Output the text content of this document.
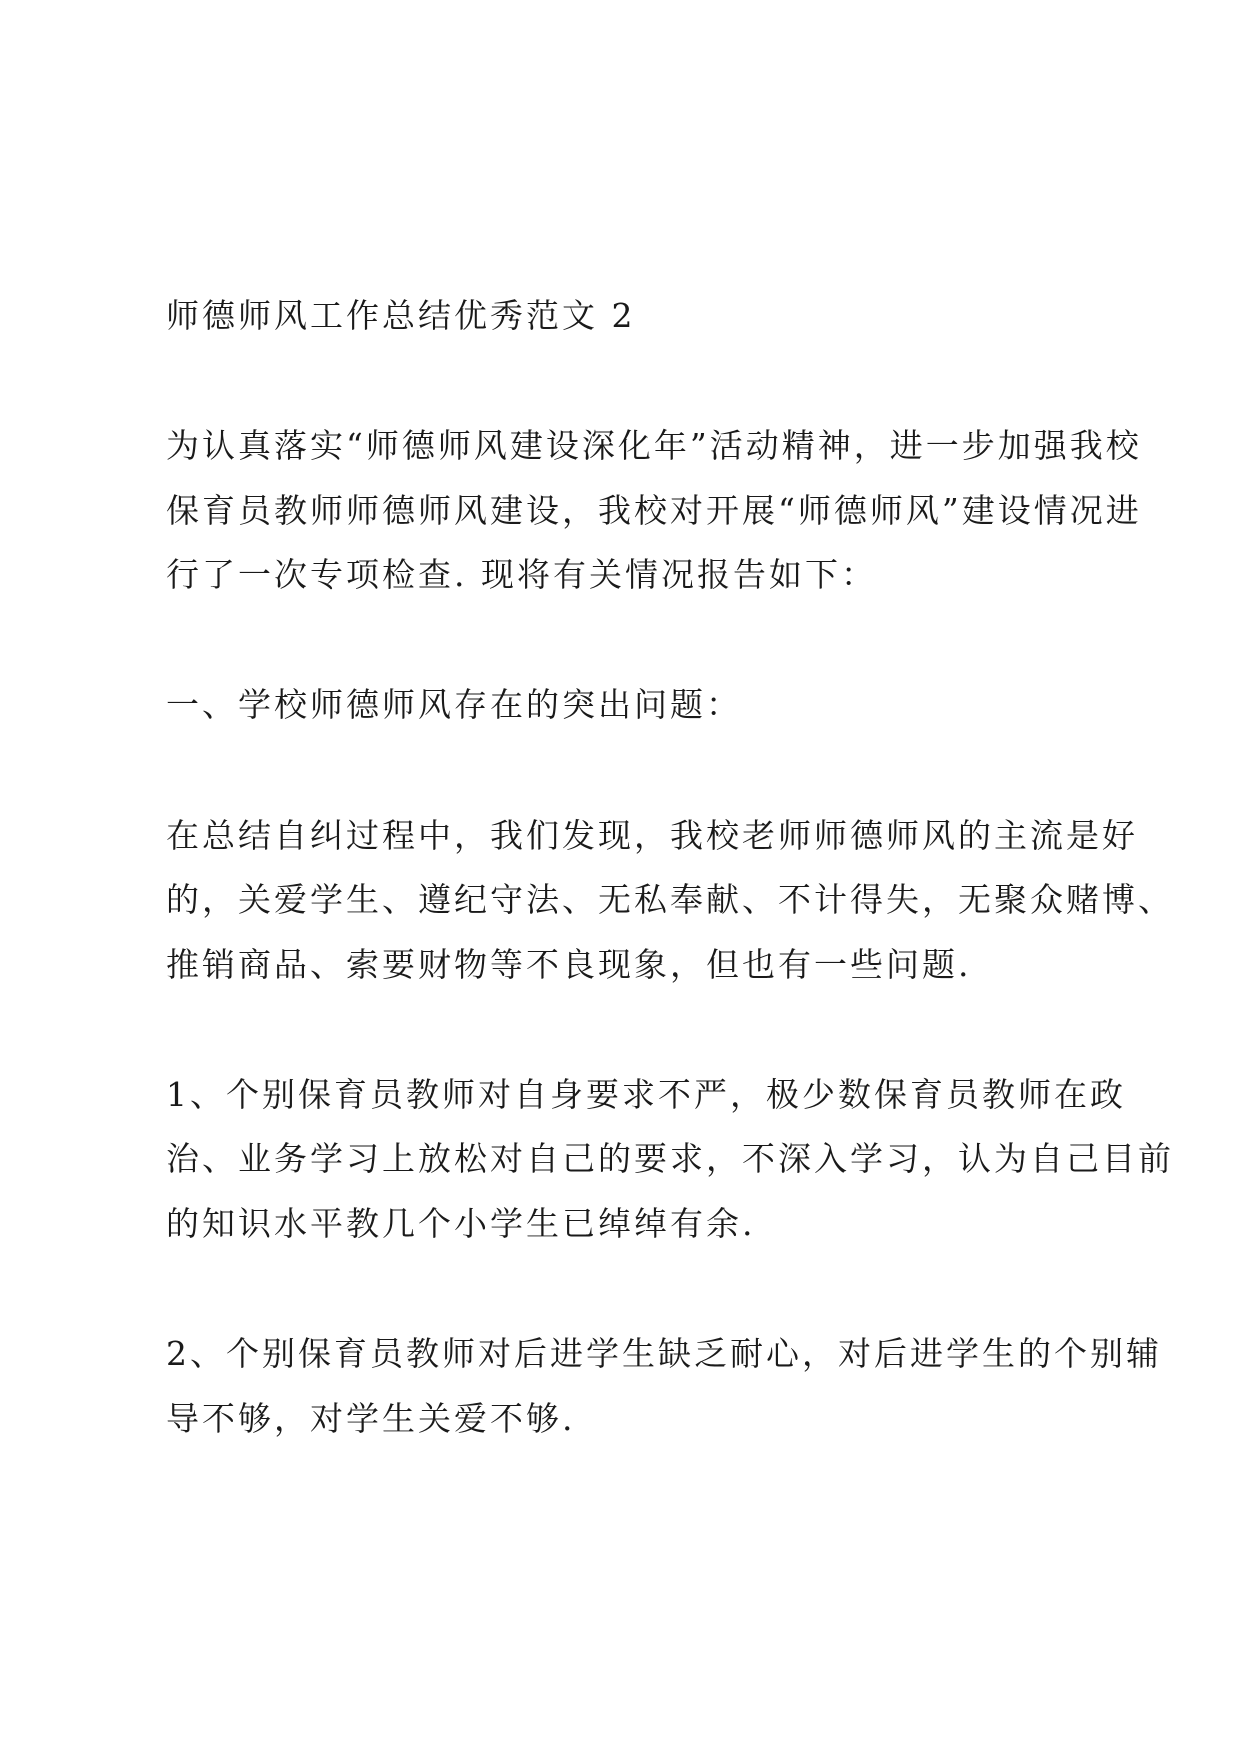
师德师风工作总结优秀范文 2
为认真落实“师德师风建设深化年”活动精神，进一步加强我校
保育员教师师德师风建设，我校对开展“师德师风”建设情况进
行了一次专项检查. 现将有关情况报告如下：
一、学校师德师风存在的突出问题：
在总结自纠过程中，我们发现，我校老师师德师风的主流是好
的，关爱学生、遵纪守法、无私奉献、不计得失，无聚众赌博、
推销商品、索要财物等不良现象，但也有一些问题.
1、个别保育员教师对自身要求不严，极少数保育员教师在政
治、业务学习上放松对自己的要求，不深入学习，认为自己目前
的知识水平教几个小学生已绰绰有余.
2、个别保育员教师对后进学生缺乏耐心，对后进学生的个别辅
导不够，对学生关爱不够.
